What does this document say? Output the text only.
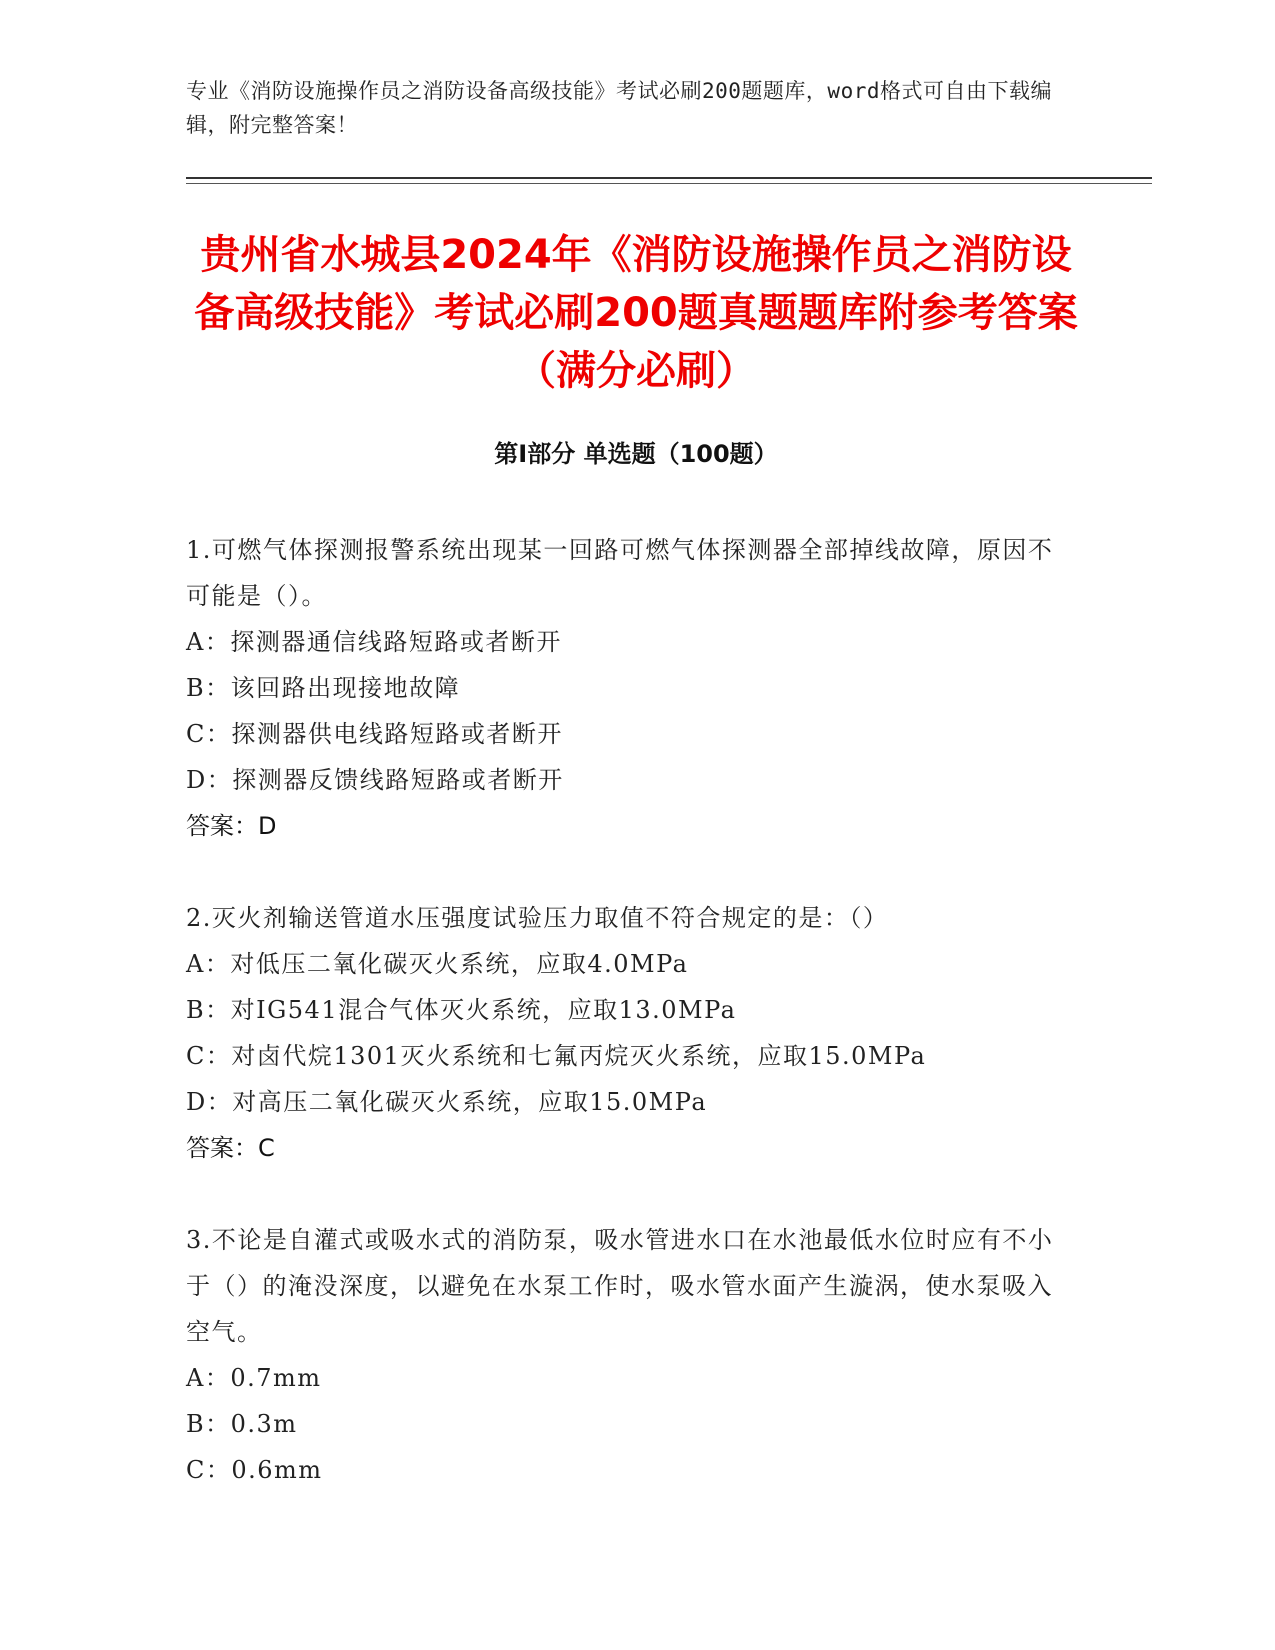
专业《消防设施操作员之消防设备高级技能》考试必刷200题题库，word格式可自由下载编辑，附完整答案！
贵州省水城县2024年《消防设施操作员之消防设备高级技能》考试必刷200题真题题库附参考答案（满分必刷）
第Ⅰ部分 单选题（100题）

1.可燃气体探测报警系统出现某一回路可燃气体探测器全部掉线故障，原因不可能是（）。

A：探测器通信线路短路或者断开

B：该回路出现接地故障

C：探测器供电线路短路或者断开

D：探测器反馈线路短路或者断开

答案：D

2.灭火剂输送管道水压强度试验压力取值不符合规定的是：（）

A：对低压二氧化碳灭火系统，应取4.0MPa

B：对IG541混合气体灭火系统，应取13.0MPa

C：对卤代烷1301灭火系统和七氟丙烷灭火系统，应取15.0MPa

D：对高压二氧化碳灭火系统，应取15.0MPa

答案：C

3.不论是自灌式或吸水式的消防泵，吸水管进水口在水池最低水位时应有不小于（）的淹没深度，以避免在水泵工作时，吸水管水面产生漩涡，使水泵吸入空气。

A：0.7mm

B：0.3m

C：0.6mm
